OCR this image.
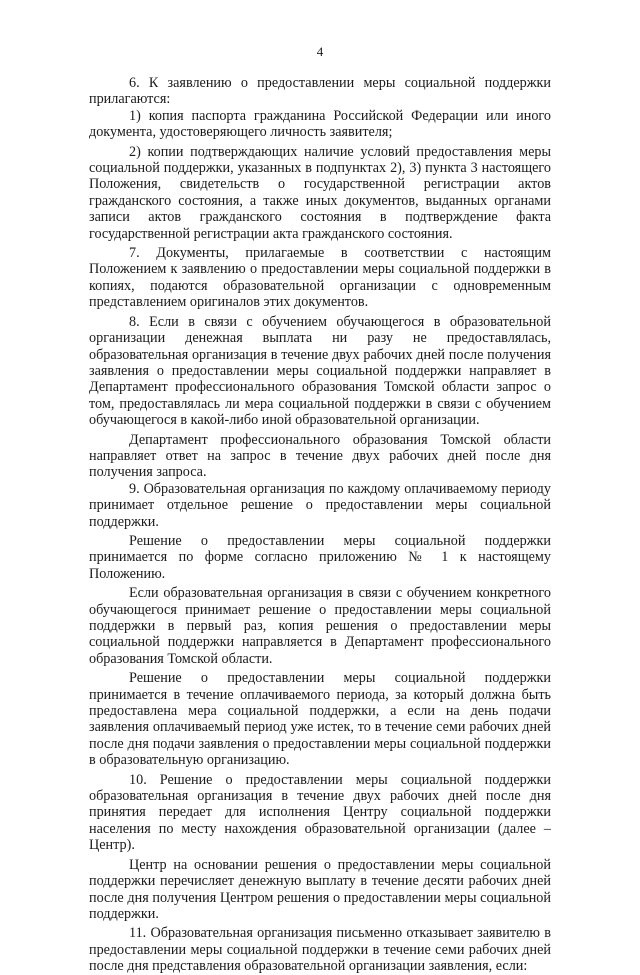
4

6. К заявлению о предоставлении меры социальной поддержки прилагаются:

1) копия паспорта гражданина Российской Федерации или иного документа, удостоверяющего личность заявителя;

2) копии подтверждающих наличие условий предоставления меры социальной поддержки, указанных в подпунктах 2), 3) пункта 3 настоящего Положения, свидетельств о государственной регистрации актов гражданского состояния, а также иных документов, выданных органами записи актов гражданского состояния в подтверждение факта государственной регистрации акта гражданского состояния.

7. Документы, прилагаемые в соответствии с настоящим Положением к заявлению о предоставлении меры социальной поддержки в копиях, подаются образовательной организации с одновременным представлением оригиналов этих документов.

8. Если в связи с обучением обучающегося в образовательной организации денежная выплата ни разу не предоставлялась, образовательная организация в течение двух рабочих дней после получения заявления о предоставлении меры социальной поддержки направляет в Департамент профессионального образования Томской области запрос о том, предоставлялась ли мера социальной поддержки в связи с обучением обучающегося в какой-либо иной образовательной организации.

Департамент профессионального образования Томской области направляет ответ на запрос в течение двух рабочих дней после дня получения запроса.

9. Образовательная организация по каждому оплачиваемому периоду принимает отдельное решение о предоставлении меры социальной поддержки.

Решение о предоставлении меры социальной поддержки принимается по форме согласно приложению № 1 к настоящему Положению.

Если образовательная организация в связи с обучением конкретного обучающегося принимает решение о предоставлении меры социальной поддержки в первый раз, копия решения о предоставлении меры социальной поддержки направляется в Департамент профессионального образования Томской области.

Решение о предоставлении меры социальной поддержки принимается в течение оплачиваемого периода, за который должна быть предоставлена мера социальной поддержки, а если на день подачи заявления оплачиваемый период уже истек, то в течение семи рабочих дней после дня подачи заявления о предоставлении меры социальной поддержки в образовательную организацию.

10. Решение о предоставлении меры социальной поддержки образовательная организация в течение двух рабочих дней после дня принятия передает для исполнения Центру социальной поддержки населения по месту нахождения образовательной организации (далее – Центр).

Центр на основании решения о предоставлении меры социальной поддержки перечисляет денежную выплату в течение десяти рабочих дней после дня получения Центром решения о предоставлении меры социальной поддержки.

11. Образовательная организация письменно отказывает заявителю в предоставлении меры социальной поддержки в течение семи рабочих дней после дня представления образовательной организации заявления, если:
